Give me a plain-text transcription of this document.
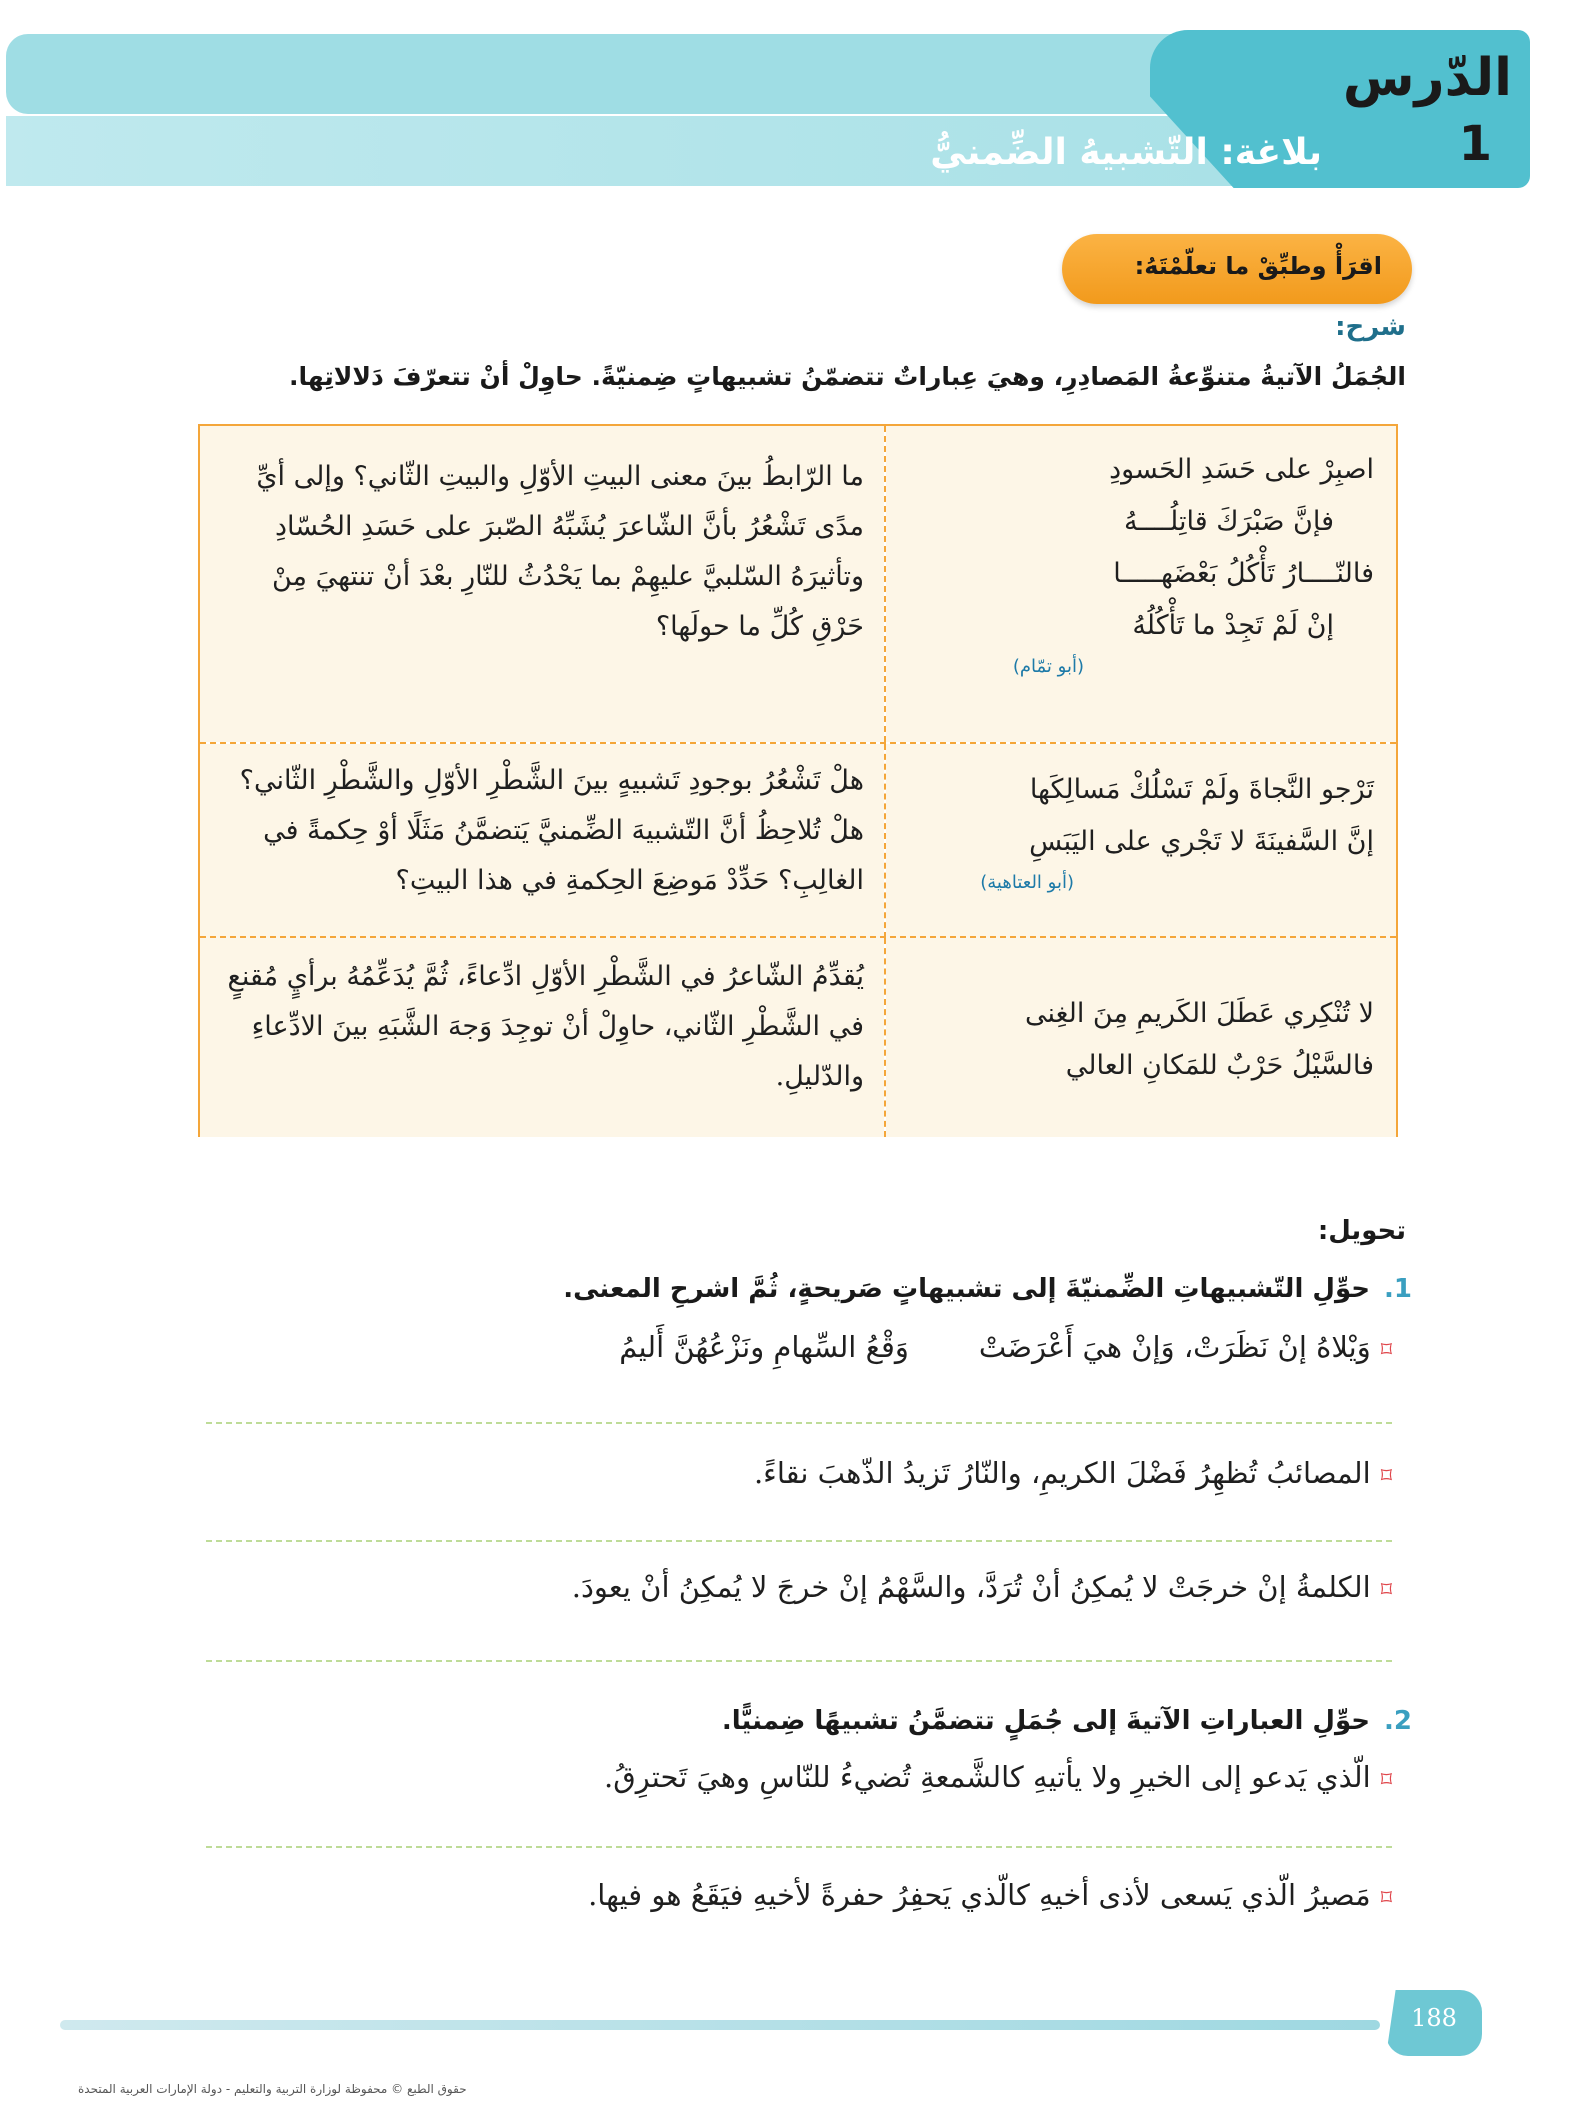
الدّرس
1
بلاغة: التّشبيهُ الضِّمنيُّ
اقرَأْ وطبِّقْ ما تعلّمْتَهُ:
شرح:
الجُمَلُ الآتيةُ متنوِّعةُ المَصادِرِ، وهيَ عِباراتٌ تتضمّنُ تشبيهاتٍ ضِمنيّةً. حاوِلْ أنْ تتعرّفَ دَلالاتِها.
اصبِرْ على حَسَدِ الحَسودِ
فإنَّ صَبْرَكَ قاتِلُــــهُ
فالنّــــارُ تَأْكُلُ بَعْضَهـــــا
إنْ لَمْ تَجِدْ ما تَأْكُلُهُ
(أبو تمّام)
ما الرّابطُ بينَ معنى البيتِ الأوّلِ والبيتِ الثّاني؟ وإلى أيِّ مدًى تَشْعُرُ بأنَّ الشّاعرَ يُشَبِّهُ الصّبرَ على حَسَدِ الحُسّادِ وتأثيرَهُ السّلبيَّ عليهِمْ بما يَحْدُثُ للنّارِ بعْدَ أنْ تنتهيَ مِنْ حَرْقِ كُلِّ ما حولَها؟
تَرْجو النَّجاةَ ولَمْ تَسْلُكْ مَسالِكَها
إنَّ السَّفينَةَ لا تَجْري على اليَبَسِ
(أبو العتاهية)
هلْ تَشْعُرُ بوجودِ تَشبيهٍ بينَ الشَّطْرِ الأوّلِ والشَّطْرِ الثّاني؟ هلْ تُلاحِظُ أنَّ التّشبيهَ الضِّمنيَّ يَتضمَّنُ مَثَلًا أوْ حِكمةً في الغالِبِ؟ حَدِّدْ مَوضِعَ الحِكمةِ في هذا البيتِ؟
لا تُنْكِري عَطَلَ الكَريمِ مِنَ الغِنى
فالسَّيْلُ حَرْبٌ للمَكانِ العالي
يُقدِّمُ الشّاعرُ في الشَّطْرِ الأوّلِ ادِّعاءً، ثُمَّ يُدَعِّمُهُ برأيٍ مُقنعٍ في الشَّطْرِ الثّاني، حاوِلْ أنْ توجِدَ وَجهَ الشَّبَهِ بينَ الادِّعاءِ والدّليلِ.
تحويل:
1.حوِّلِ التّشبيهاتِ الضِّمنيّةَ إلى تشبيهاتٍ صَريحةٍ، ثُمَّ اشرحِ المعنى.
⌑وَيْلاهُ إنْ نَظَرَتْ، وَإنْ هيَ أَعْرَضَتْوَقْعُ السِّهامِ ونَزْعُهُنَّ أَليمُ
⌑المصائبُ تُظهِرُ فَضْلَ الكريمِ، والنّارُ تَزيدُ الذّهبَ نقاءً.
⌑الكلمةُ إنْ خرجَتْ لا يُمكِنُ أنْ تُرَدَّ، والسَّهْمُ إنْ خرجَ لا يُمكِنُ أنْ يعودَ.
2.حوِّلِ العباراتِ الآتيةَ إلى جُمَلٍ تتضمَّنُ تشبيهًا ضِمنيًّا.
⌑الّذي يَدعو إلى الخيرِ ولا يأتيهِ كالشَّمعةِ تُضيءُ للنّاسِ وهيَ تَحترِقُ.
⌑مَصيرُ الّذي يَسعى لأذى أخيهِ كالّذي يَحفِرُ حفرةً لأخيهِ فيَقَعُ هو فيها.
188
حقوق الطبع © محفوظة لوزارة التربية والتعليم - دولة الإمارات العربية المتحدة
